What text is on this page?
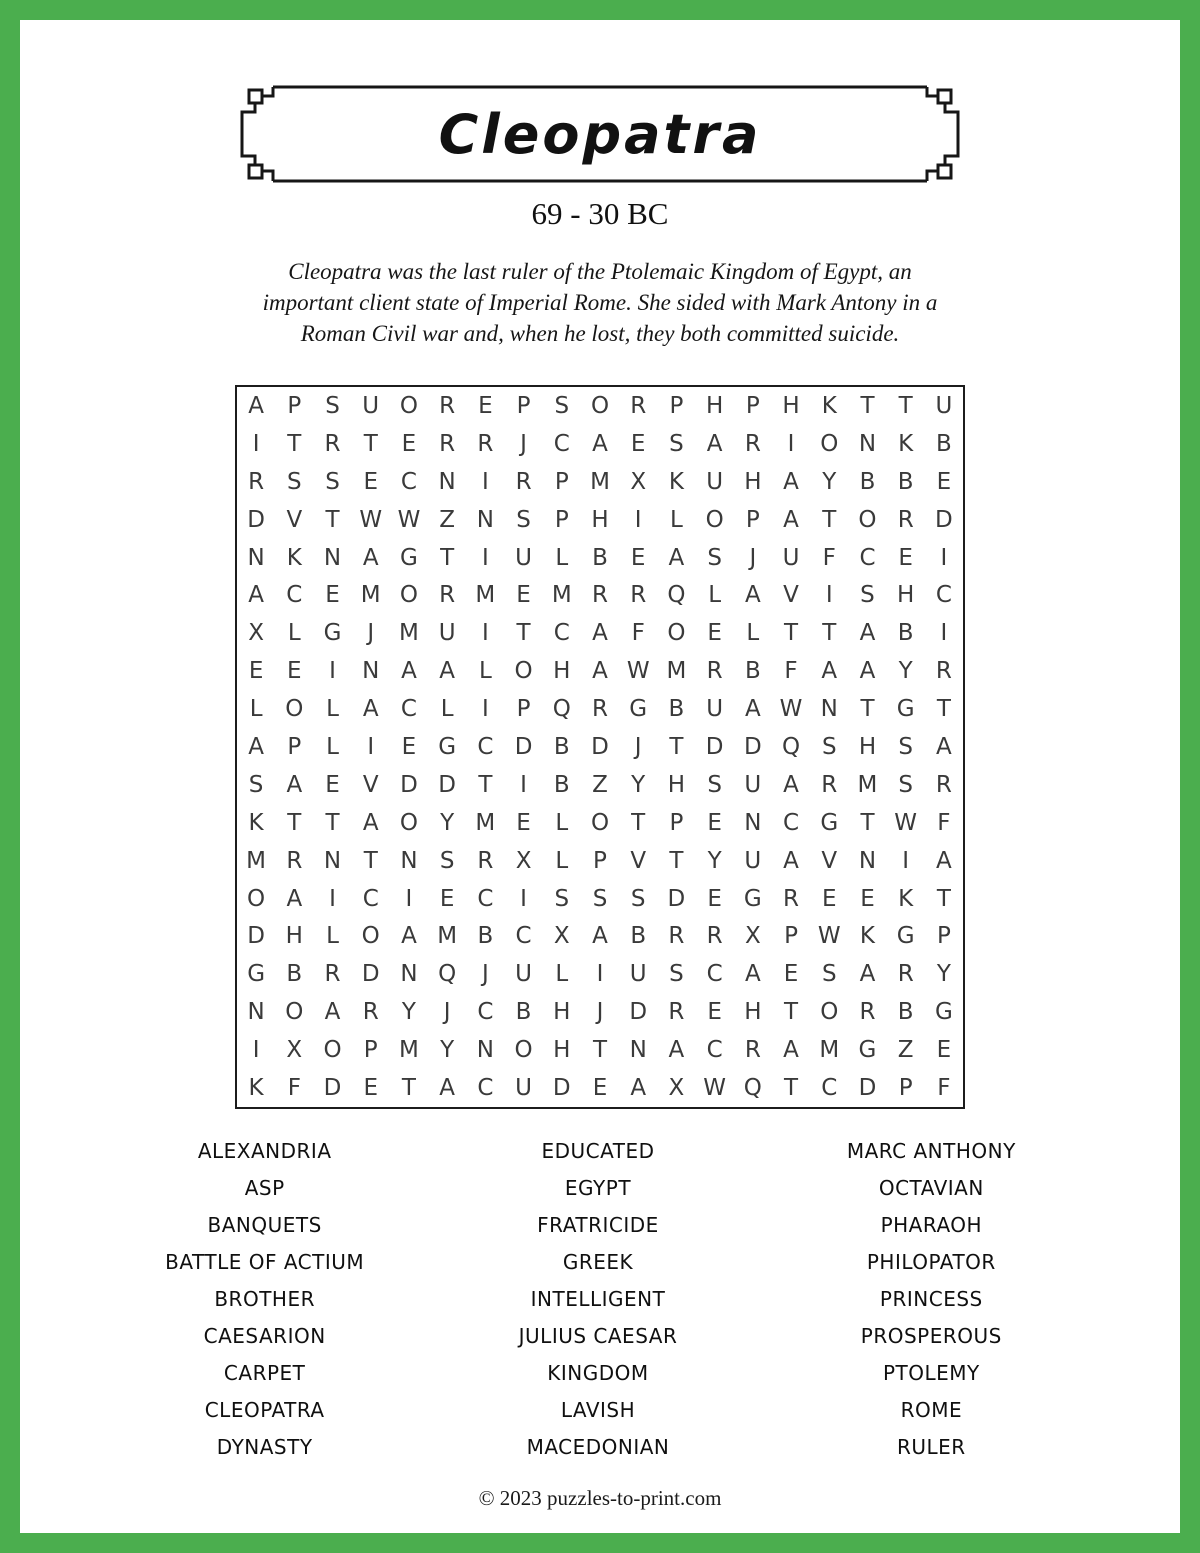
Cleopatra
69 - 30 BC
Cleopatra was the last ruler of the Ptolemaic Kingdom of Egypt, an
important client state of Imperial Rome. She sided with Mark Antony in a
Roman Civil war and, when he lost, they both committed suicide.
A	P	S U O R E	P	S O R	P H P H K	T	T U
I	T	R	T	E R R	J	C A	E	S	A R	I	O N K B
R S	S	E C N	I	R	P M X K U H A	Y	B B	E
D V	T W W Z N S	P H	I	L O P	A	T O R D
N K N A G T	I	U	L	B	E	A	S	J	U	F	C E	I
A C E M O R M E M R R Q L	A V	I	S H C
X	L G	J	M U	I	T	C A	F O E	L	T	T	A B	I
E	E	I	N A A	L O H A W M R B	F	A A	Y	R
L O L	A C	L	I	P Q R G B U A W N T G T
A	P	L	I	E G C D B D	J	T D D Q S H S	A
S	A	E	V D D T	I	B Z	Y H S U A R M S R
K	T	T	A O Y M E	L O T	P	E N C G T W F
M R N T N S R X	L	P	V	T	Y U A V N	I	A
O A	I	C	I	E C	I	S	S	S D E G R E	E	K	T
D H	L O A M B C X A B R R X	P W K G P
G B R D N Q	J	U	L	I	U S C A	E	S	A R	Y
N O A R	Y	J	C B H	J	D R E H T O R B G
I	X O P M Y N O H T N A C R A M G Z	E
K	F D E	T	A C U D E	A X W Q T	C D P	F
ALEXANDRIA
ASP
BANQUETS
BATTLE OF ACTIUM
BROTHER
CAESARION
CARPET
CLEOPATRA
DYNASTY
EDUCATED
EGYPT
FRATRICIDE
GREEK
INTELLIGENT
JULIUS CAESAR
KINGDOM
LAVISH
MACEDONIAN
MARC ANTHONY
OCTAVIAN
PHARAOH
PHILOPATOR
PRINCESS
PROSPEROUS
PTOLEMY
ROME
RULER
© 2023 puzzles-to-print.com
